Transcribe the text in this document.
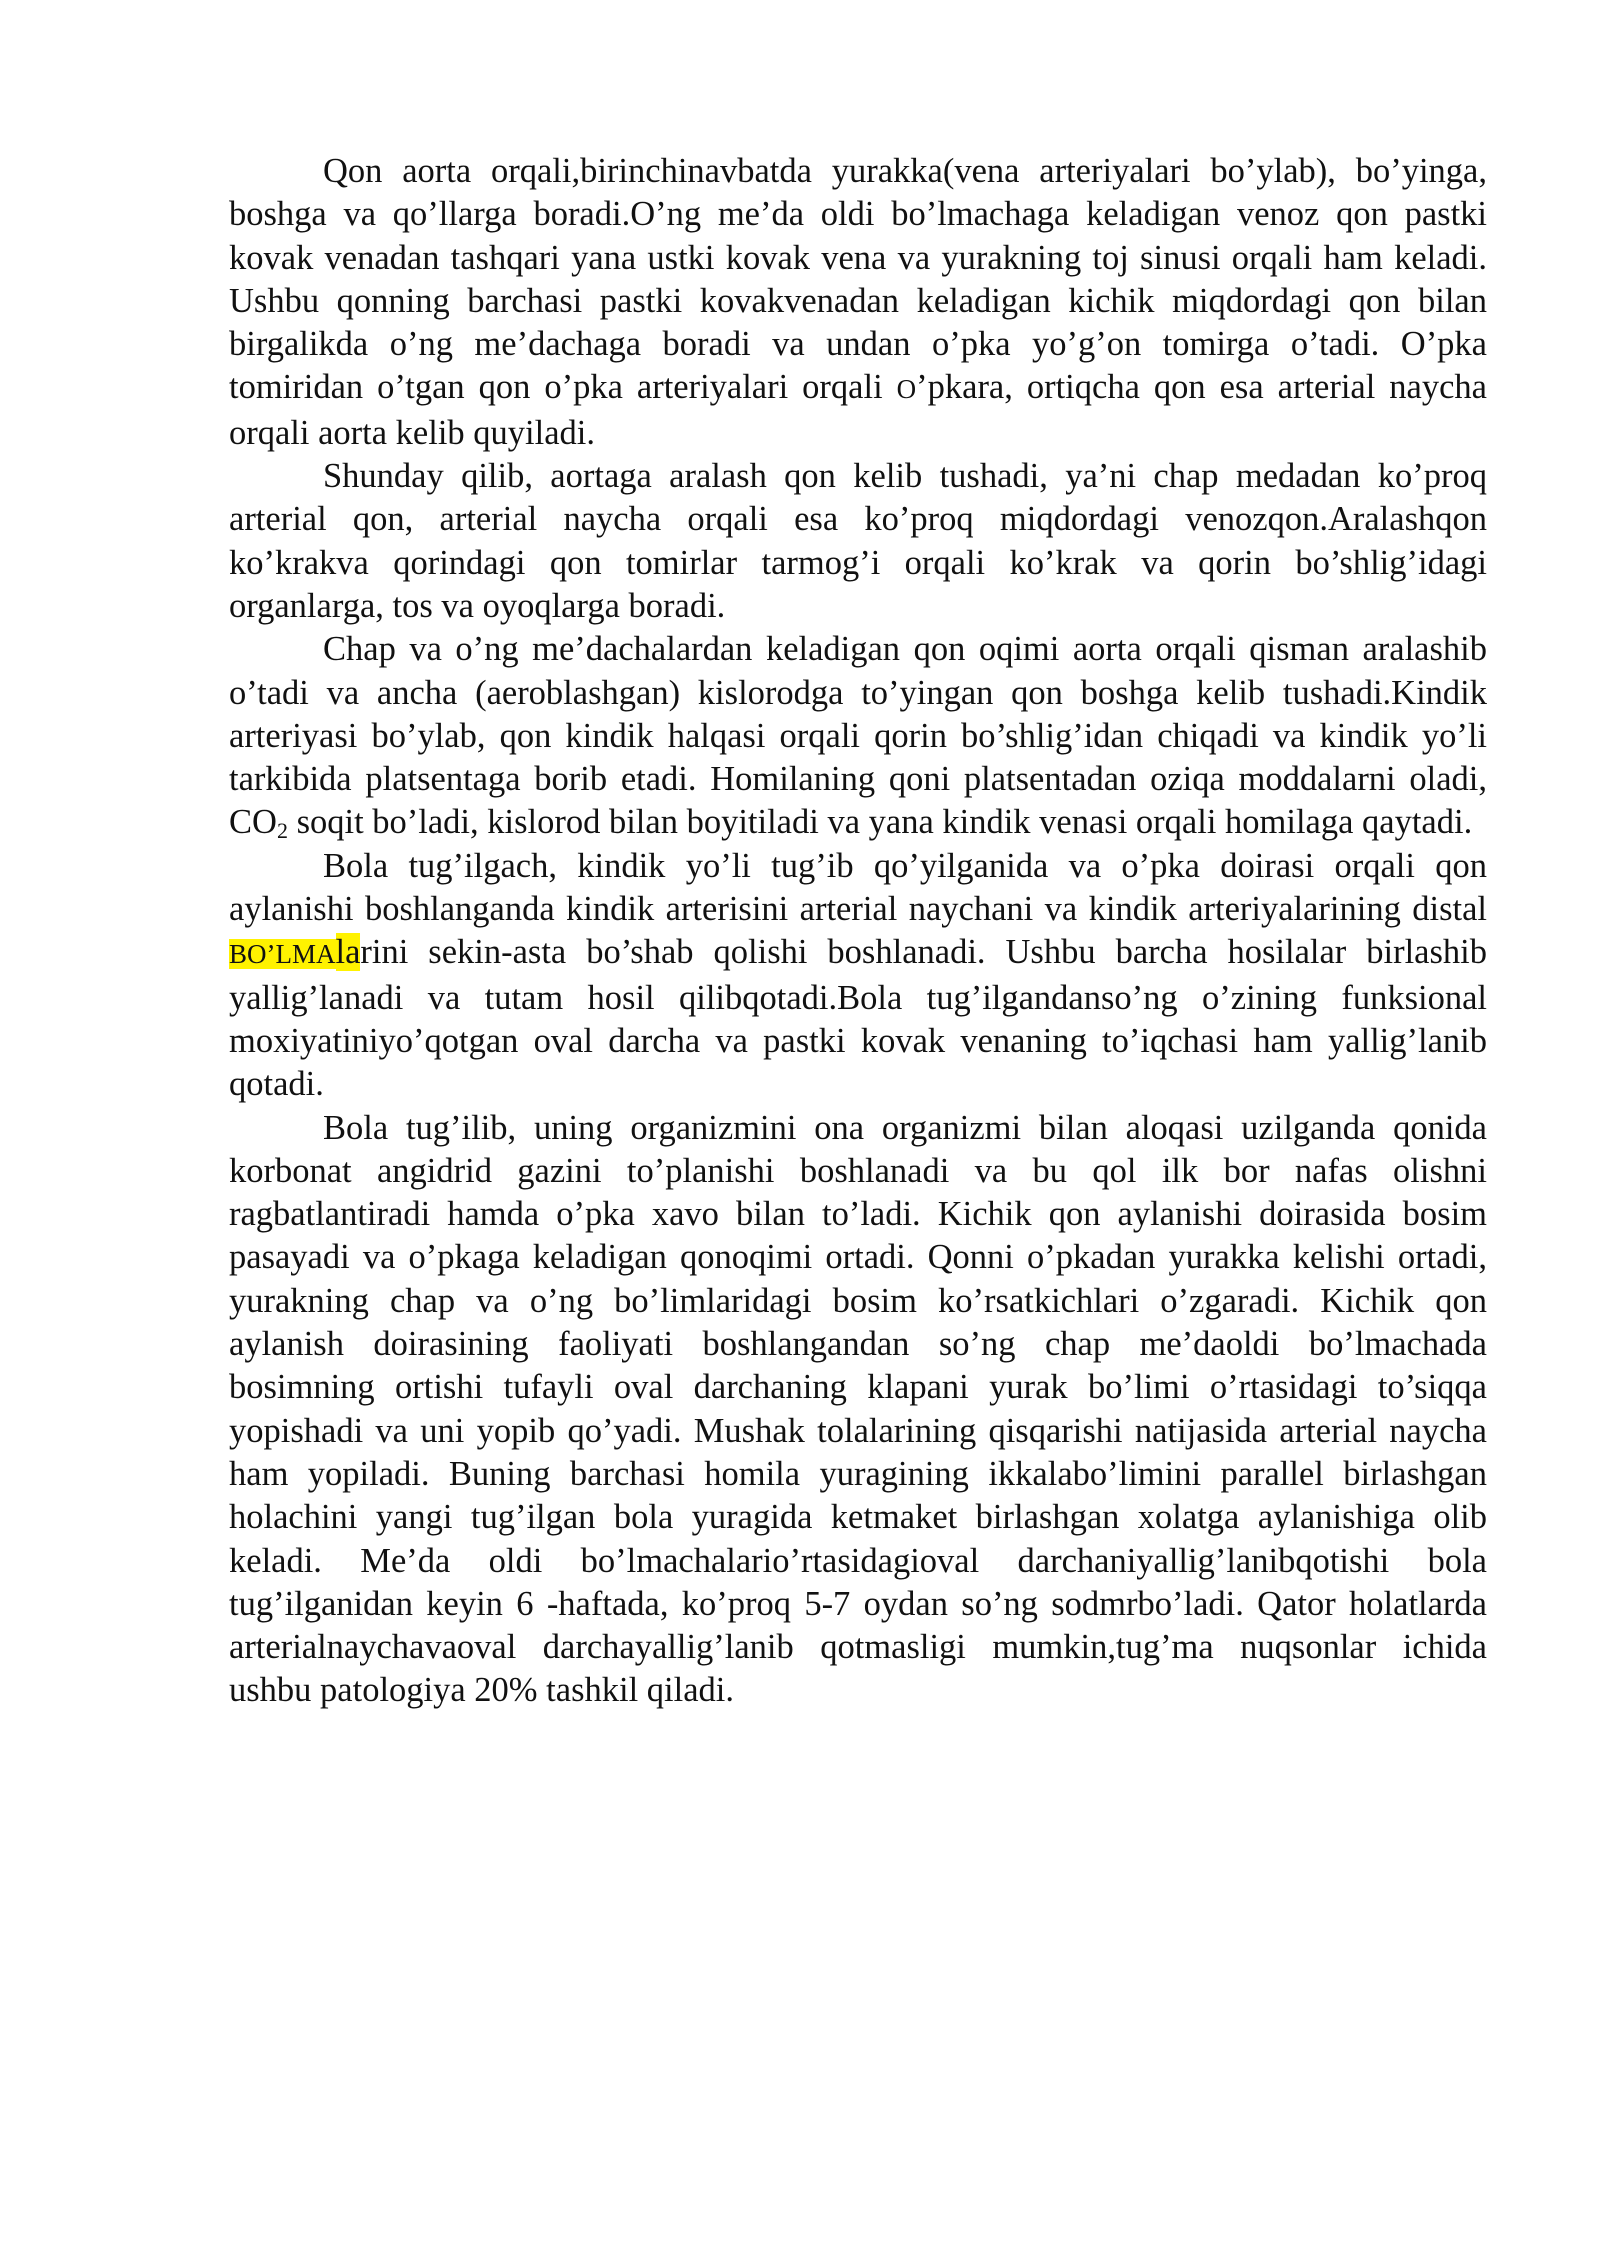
Qon aorta orqali,birinchinavbatda yurakka(vena arteriyalari bo’ylab), bo’yinga, boshga va qo’llarga boradi.O’ng me’da oldi bo’lmachaga keladigan venoz qon pastki kovak venadan tashqari yana ustki kovak vena va yurakning toj sinusi orqali ham keladi. Ushbu qonning barchasi pastki kovakvenadan keladigan kichik miqdordagi qon bilan birgalikda o’ng me’dachaga boradi va undan o’pka yo’g’on tomirga o’tadi. O’pka tomiridan o’tgan qon o’pka arteriyalari orqali O’pkara, ortiqcha qon esa arterial naycha orqali aorta kelib quyiladi.

Shunday qilib, aortaga aralash qon kelib tushadi, ya’ni chap medadan ko’proq arterial qon, arterial naycha orqali esa ko’proq miqdordagi venozqon.Aralashqon ko’krakva qorindagi qon tomirlar tarmog’i orqali ko’krak va qorin bo’shlig’idagi organlarga, tos va oyoqlarga boradi.

Chap va o’ng me’dachalardan keladigan qon oqimi aorta orqali qisman aralashib o’tadi va ancha (aeroblashgan) kislorodga to’yingan qon boshga kelib tushadi.Kindik arteriyasi bo’ylab, qon kindik halqasi orqali qorin bo’shlig’idan chiqadi va kindik yo’li tarkibida platsentaga borib etadi. Homilaning qoni platsentadan oziqa moddalarni oladi, $CO_2$ soqit bo’ladi, kislorod bilan boyitiladi va yana kindik venasi orqali homilaga qaytadi.

Bola tug’ilgach, kindik yo’li tug’ib qo’yilganida va o’pka doirasi orqali qon aylanishi boshlanganda kindik arterisini arterial naychani va kindik arteriyalarining distal BO’LMAlarini sekin-asta bo’shab qolishi boshlanadi. Ushbu barcha hosilalar birlashib yallig’lanadi va tutam hosil qilibqotadi.Bola tug’ilgandanso’ng o’zining funksional moxiyatiniyo’qotgan oval darcha va pastki kovak venaning to’iqchasi ham yallig’lanib qotadi.

Bola tug’ilib, uning organizmini ona organizmi bilan aloqasi uzilganda qonida korbonat angidrid gazini to’planishi boshlanadi va bu qol ilk bor nafas olishni ragbatlantiradi hamda o’pka xavo bilan to’ladi. Kichik qon aylanishi doirasida bosim pasayadi va o’pkaga keladigan qonoqimi ortadi. Qonni o’pkadan yurakka kelishi ortadi, yurakning chap va o’ng bo’limlaridagi bosim ko’rsatkichlari o’zgaradi. Kichik qon aylanish doirasining faoliyati boshlangandan so’ng chap me’daoldi bo’lmachada bosimning ortishi tufayli oval darchaning klapani yurak bo’limi o’rtasidagi to’siqqa yopishadi va uni yopib qo’yadi. Mushak tolalarining qisqarishi natijasida arterial naycha ham yopiladi. Buning barchasi homila yuragining ikkalabo’limini parallel birlashgan holachini yangi tug’ilgan bola yuragida ketmaket birlashgan xolatga aylanishiga olib keladi. Me’da oldi bo’lmachalario’rtasidagioval darchaniyallig’lanibqotishi bola tug’ilganidan keyin 6 -haftada, ko’proq 5-7 oydan so’ng sodmrbo’ladi. Qator holatlarda arterialnaychavaoval darchayallig’lanib qotmasligi mumkin,tug’ma nuqsonlar ichida ushbu patologiya 20% tashkil qiladi.
